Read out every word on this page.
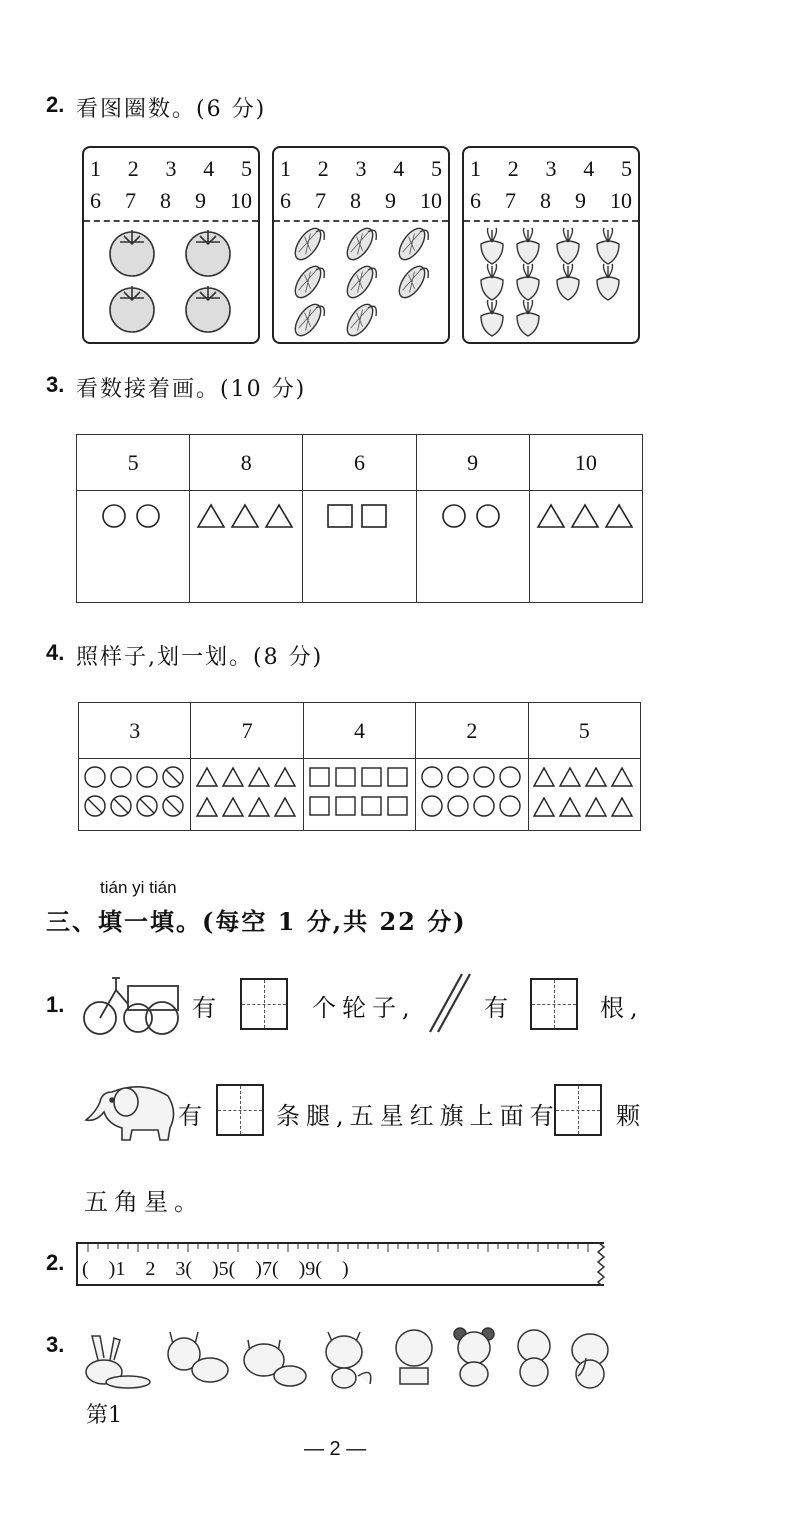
2. 看图圈数。(6 分)
1 2 3 4 5
6 7 8 9 10
1 2 3 4 5
6 7 8 9 10
1 2 3 4 5
6 7 8 9 10
3. 看数接着画。(10 分)
5	8	6	9	10

4. 照样子,划一划。(8 分)
3	7	4	2	5

tián yi tián
三、填一填。(每空 1 分,共 22 分)
1.	有	个轮子,	有	根,
有	条腿,五星红旗上面有 颗
五角星。
2. (    )1    2    3(    )5(    )7(    )9(    )
3.
第1
— 2 —
